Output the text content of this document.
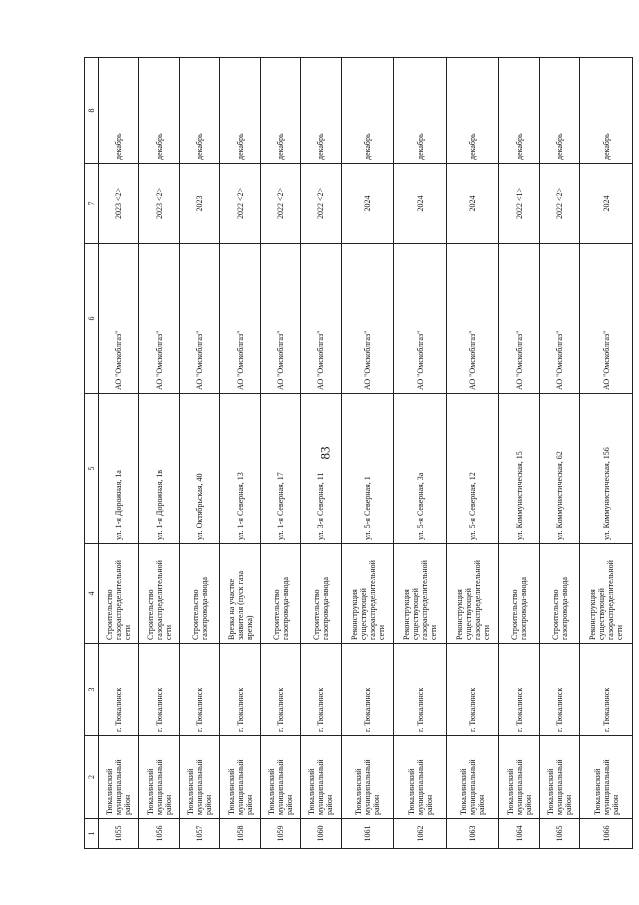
83
1	2	3	4	5	6	7	8
1055	Тюкалинский муниципальный район	г. Тюкалинск	Строительство газораспределительной сети	ул. 1-я Дорожная, 1а	АО "Омскоблгаз"	2023 <2>	декабрь
1056	Тюкалинский муниципальный район	г. Тюкалинск	Строительство газораспределительной сети	ул. 1-я Дорожная, 1в	АО "Омскоблгаз"	2023 <2>	декабрь
1057	Тюкалинский муниципальный район	г. Тюкалинск	Строительство газопровода-ввода	ул. Октябрьская, 40	АО "Омскоблгаз"	2023	декабрь
1058	Тюкалинский муниципальный район	г. Тюкалинск	Врезка на участке заявителя (пуск газа врезка)	ул. 1-я Северная, 13	АО "Омскоблгаз"	2022 <2>	декабрь
1059	Тюкалинский муниципальный район	г. Тюкалинск	Строительство газопровода-ввода	ул. 1-я Северная, 17	АО "Омскоблгаз"	2022 <2>	декабрь
1060	Тюкалинский муниципальный район	г. Тюкалинск	Строительство газопровода-ввода	ул. 3-я Северная, 11	АО "Омскоблгаз"	2022 <2>	декабрь
1061	Тюкалинский муниципальный район	г. Тюкалинск	Реконструкция существующей газораспределительной сети	ул. 5-я Северная, 1	АО "Омскоблгаз"	2024	декабрь
1062	Тюкалинский муниципальный район	г. Тюкалинск	Реконструкция существующей газораспределительной сети	ул. 5-я Северная, 3а	АО "Омскоблгаз"	2024	декабрь
1063	Тюкалинский муниципальный район	г. Тюкалинск	Реконструкция существующей газораспределительной сети	ул. 5-я Северная, 12	АО "Омскоблгаз"	2024	декабрь
1064	Тюкалинский муниципальный район	г. Тюкалинск	Строительство газопровода-ввода	ул. Коммунистическая, 15	АО "Омскоблгаз"	2022 <1>	декабрь
1065	Тюкалинский муниципальный район	г. Тюкалинск	Строительство газопровода-ввода	ул. Коммунистическая, 62	АО "Омскоблгаз"	2022 <2>	декабрь
1066	Тюкалинский муниципальный район	г. Тюкалинск	Реконструкция существующей газораспределительной сети	ул. Коммунистическая, 156	АО "Омскоблгаз"	2024	декабрь
